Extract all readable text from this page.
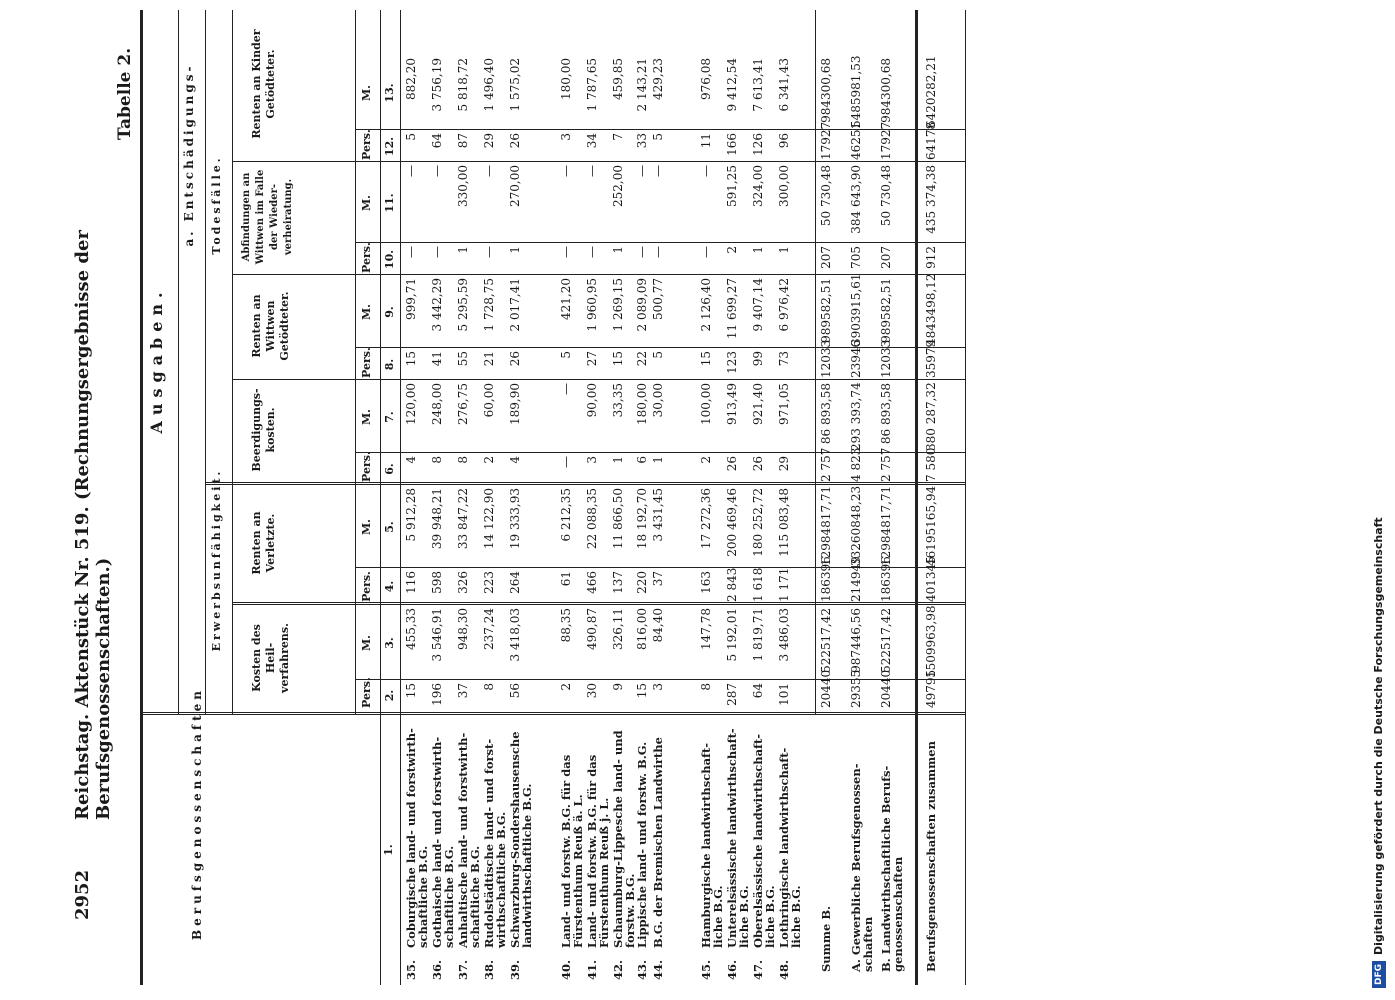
2952
Reichstag. Aktenstück Nr. 519. (Rechnungsergebnisse der Berufsgenossenschaften.)
Tabelle 2.
Berufsgenossenschaften	1.
Ausgaben.
a. Entschädigungs-
Erwerbsunfähigkeit.
Todesfälle.
Kosten des Heil-verfahrens.
Renten an Verletzte.
Beerdigungs-kosten.
Renten an Wittwen Getödteter.
Abfindungen an Wittwen im Falle der Wieder-verheiratung.
Renten an Kinder Getödteter.
Pers. 2.
M. 3.
Pers. 4.
M. 5.
Pers. 6.
M. 7.
Pers. 8.
M. 9.
Pers. 10.
M. 11.
Pers. 12.
M. 13.
35.
Coburgische land- und forstwirth-schaftliche B.G.
15
455,33
116
5 912,28
4
120,00
15
999,71
—
—
5
882,20
36.
Gothaische land- und forstwirth-schaftliche B.G.
196
3 546,91
598
39 948,21
8
248,00
41
3 442,29
—
—
64
3 756,19
37.
Anhaltische land- und forstwirth-schaftliche B.G.
37
948,30
326
33 847,22
8
276,75
55
5 295,59
1
330,00
87
5 818,72
38.
Rudolstädtische land- und forst-wirthschaftliche B.G.
8
237,24
223
14 122,90
2
60,00
21
1 728,75
—
—
29
1 496,40
39.
Schwarzburg-Sondershausensche landwirthschaftliche B.G.
56
3 418,03
264
19 333,93
4
189,90
26
2 017,41
1
270,00
26
1 575,02
40.
Land- und forstw. B.G. für das Fürstenthum Reuß ä. L.
2
88,35
61
6 212,35
—
—
5
421,20
—
—
3
180,00
41.
Land- und forstw. B.G. für das Fürstenthum Reuß j. L.
30
490,87
466
22 088,35
3
90,00
27
1 960,95
—
—
34
1 787,65
42.
Schaumburg-Lippesche land- und forstw. B.G.
9
326,11
137
11 866,50
1
33,35
15
1 269,15
1
252,00
7
459,85
43.
Lippische land- und forstw. B.G.
15
816,00
220
18 192,70
6
180,00
22
2 089,09
—
—
33
2 143,21
44.
B.G. der Bremischen Landwirthe
3
84,40
37
3 431,45
1
30,00
5
500,77
—
—
5
429,23
45.
Hamburgische landwirthschaft-liche B.G.
8
147,78
163
17 272,36
2
100,00
15
2 126,40
—
—
11
976,08
46.
Unterelsässische landwirthschaft-liche B.G.
287
5 192,01
2 843
200 469,46
26
913,49
123
11 699,27
2
591,25
166
9 412,54
47.
Oberelsässische landwirthschaft-liche B.G.
64
1 819,71
1 618
180 252,72
26
921,40
99
9 407,14
1
324,00
126
7 613,41
48.
Lothringische landwirthschaft-liche B.G.
101
3 486,03
1 171
115 083,48
29
971,05
73
6 976,42
1
300,00
96
6 341,43
Summe B.
20440
522517,42
186396
12984817,71
2 757
86 893,58
12033
989582,51
207
50 730,48
17927
984300,68
A. Gewerbliche Berufsgenossen-schaften
29355
987446,56
214949
33260848,23
4 823
293 393,74
23946
3903915,61
705
384 643,90
46251
5485981,53
B. Landwirthschaftliche Berufs-genossenschaften
20440
522517,42
186396
12984817,71
2 757
86 893,58
12033
989582,51
207
50 730,48
17927
984300,68
Berufsgenossenschaften zusammen
49795
1509963,98
401345
46195165,94
7 580
380 287,32
35979
4843498,12
912
435 374,38
64178
6420282,21
DFG
Digitalisierung gefördert durch die Deutsche Forschungsgemeinschaft
